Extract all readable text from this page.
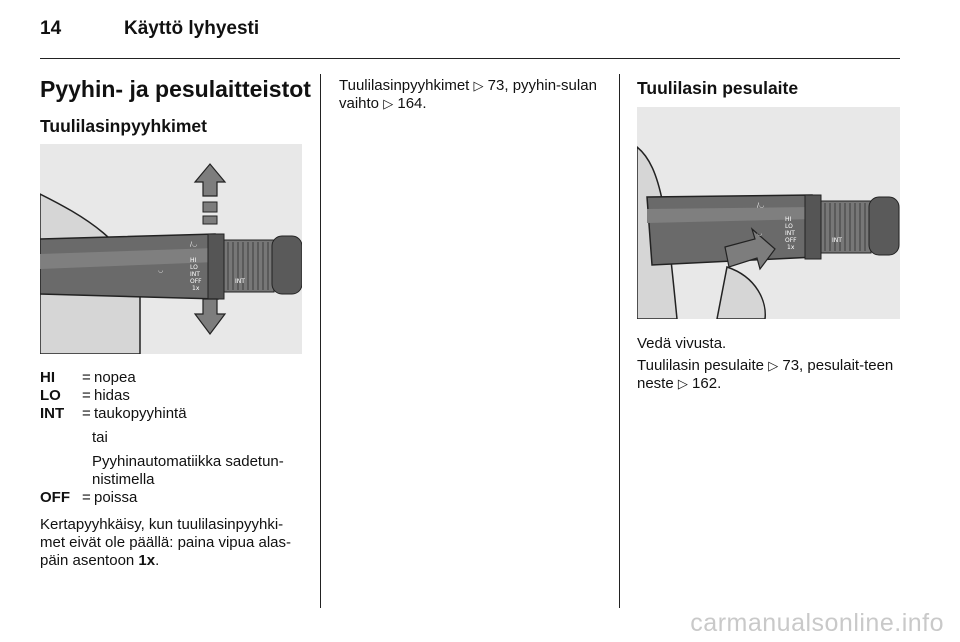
14	Käyttö lyhyesti
Pyyhin- ja pesulaitteistot
Tuulilasinpyyhkimet
/◡
◡
HI
LO
INT
OFF
1x
INT
HI	= nopea
LO	= hidas
INT	= taukopyyhintä
tai
Pyyhinautomatiikka sadetun-nistimella
OFF = poissa

Kertapyyhkäisy, kun tuulilasinpyyhki-met eivät ole päällä: paina vipua alas-päin asentoon 1x.

Tuulilasinpyyhkimet ▷ 73, pyyhin-sulan vaihto ▷ 164.

Tuulilasin pesulaite
/◡
◡
HI
LO
INT
OFF
1x
INT

Vedä vivusta.

Tuulilasin pesulaite ▷ 73, pesulait-teen neste ▷ 162.

carmanualsonline.info
